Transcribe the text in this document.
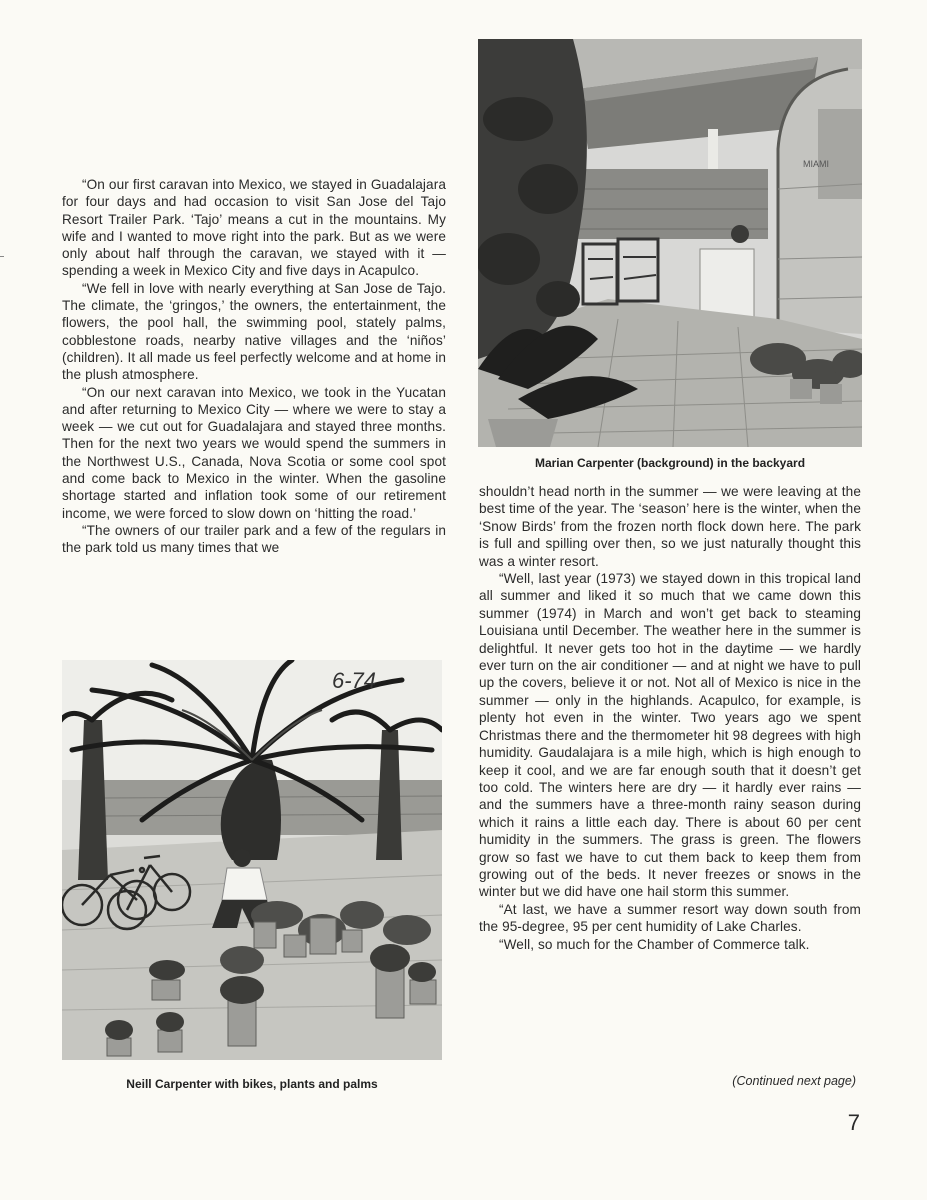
“On our first caravan into Mexico, we stayed in Guadalajara for four days and had occasion to visit San Jose del Tajo Resort Trailer Park. ‘Tajo’ means a cut in the mountains. My wife and I wanted to move right into the park. But as we were only about half through the caravan, we stayed with it — spending a week in Mexico City and five days in Acapulco.

“We fell in love with nearly everything at San Jose de Tajo. The climate, the ‘gringos,’ the owners, the entertainment, the flowers, the pool hall, the swimming pool, stately palms, cobblestone roads, nearby native villages and the ‘niños’ (children). It all made us feel perfectly welcome and at home in the plush atmosphere.

“On our next caravan into Mexico, we took in the Yucatan and after returning to Mexico City — where we were to stay a week — we cut out for Guadalajara and stayed three months. Then for the next two years we would spend the summers in the Northwest U.S., Canada, Nova Scotia or some cool spot and come back to Mexico in the winter. When the gasoline shortage started and inflation took some of our retirement income, we were forced to slow down on ‘hitting the road.’

“The owners of our trailer park and a few of the regulars in the park told us many times that we

MIAMI
Marian Carpenter (background) in the backyard

shouldn’t head north in the summer — we were leaving at the best time of the year. The ‘season’ here is the winter, when the ‘Snow Birds’ from the frozen north flock down here. The park is full and spilling over then, so we just naturally thought this was a winter resort.

“Well, last year (1973) we stayed down in this tropical land all summer and liked it so much that we came down this summer (1974) in March and won’t get back to steaming Louisiana until December. The weather here in the summer is delightful. It never gets too hot in the daytime — we hardly ever turn on the air conditioner — and at night we have to pull up the covers, believe it or not. Not all of Mexico is nice in the summer — only in the highlands. Acapulco, for example, is plenty hot even in the winter. Two years ago we spent Christmas there and the thermometer hit 98 degrees with high humidity. Gaudalajara is a mile high, which is high enough to keep it cool, and we are far enough south that it doesn’t get too cold. The winters here are dry — it hardly ever rains — and the summers have a three-month rainy season during which it rains a little each day. There is about 60 per cent humidity in the summers. The grass is green. The flowers grow so fast we have to cut them back to keep them from growing out of the beds. It never freezes or snows in the winter but we did have one hail storm this summer.

“At last, we have a summer resort way down south from the 95-degree, 95 per cent humidity of Lake Charles.

“Well, so much for the Chamber of Commerce talk.

6-74
Neill Carpenter with bikes, plants and palms	(Continued next page)
7
